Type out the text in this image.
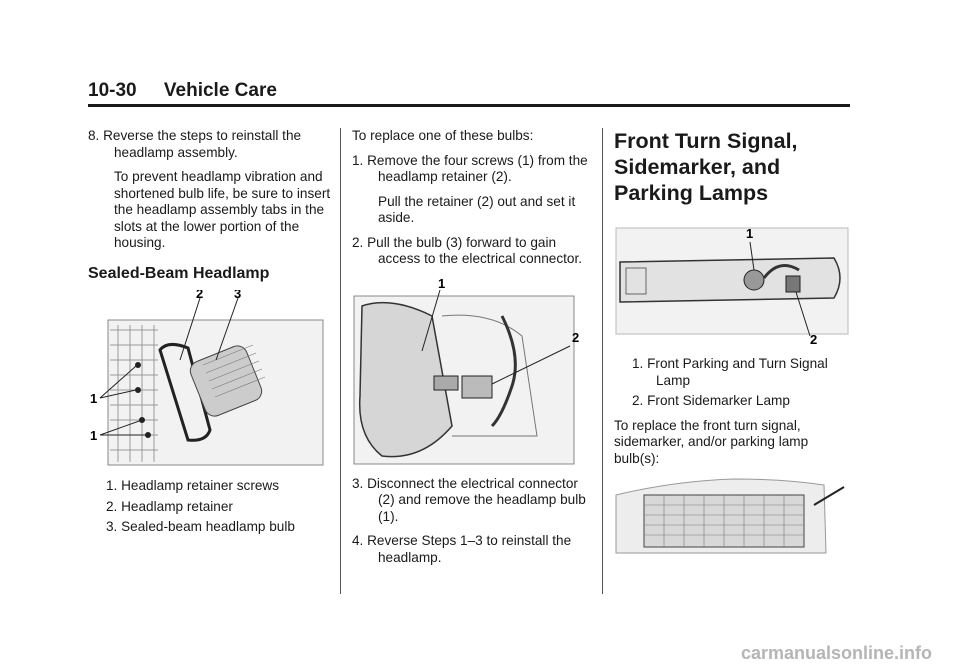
10-30 Vehicle Care

8. Reverse the steps to reinstall the headlamp assembly.

To prevent headlamp vibration and shortened bulb life, be sure to insert the headlamp assembly tabs in the slots at the lower portion of the housing.

Sealed-Beam Headlamp
2 3
1
1

1. Headlamp retainer screws

2. Headlamp retainer

3. Sealed-beam headlamp bulb

To replace one of these bulbs:

1. Remove the four screws (1) from the headlamp retainer (2).

Pull the retainer (2) out and set it aside.

2. Pull the bulb (3) forward to gain access to the electrical connector.

1
2

3. Disconnect the electrical connector (2) and remove the headlamp bulb (1).

4. Reverse Steps 1–3 to reinstall the headlamp.

Front Turn Signal, Sidemarker, and Parking Lamps
1
2

1. Front Parking and Turn Signal Lamp

2. Front Sidemarker Lamp

To replace the front turn signal, sidemarker, and/or parking lamp bulb(s):

carmanualsonline.info
